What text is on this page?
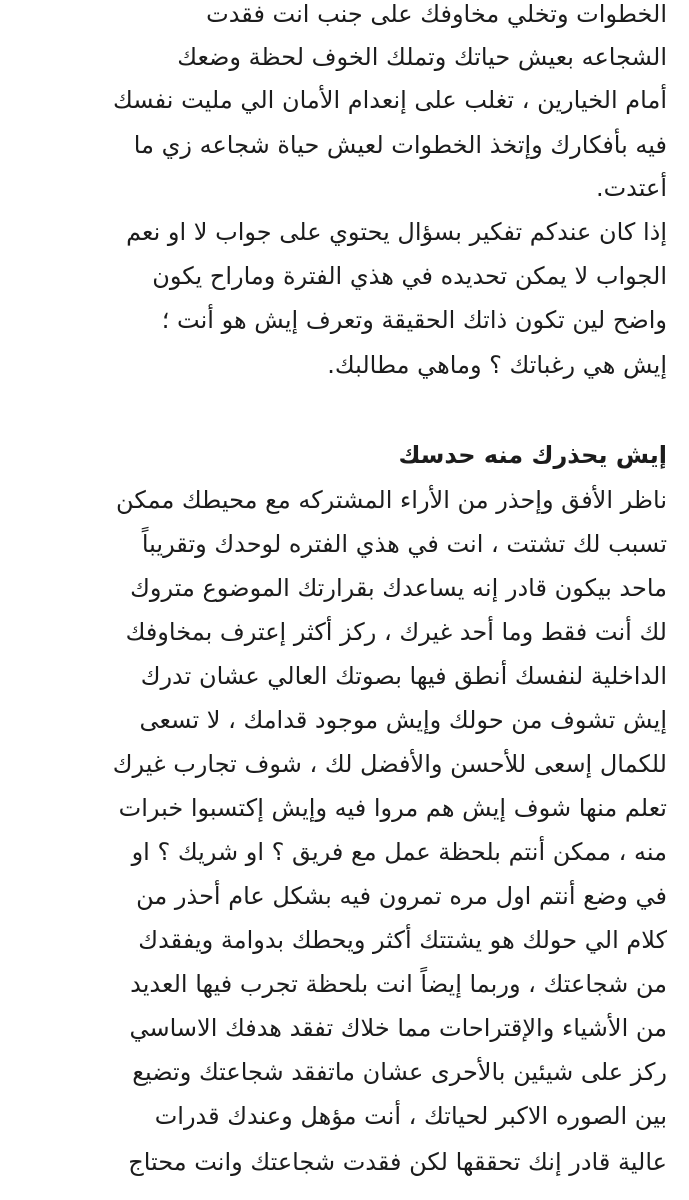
الخطوات وتخلي مخاوفك على جنب انت فقدت
الشجاعه بعيش حياتك وتملك الخوف لحظة وضعك
أمام الخيارين ، تغلب على إنعدام الأمان الي مليت نفسك
فيه بأفكارك وإتخذ الخطوات لعيش حياة شجاعه زي ما
أعتدت.
إذا كان عندكم تفكير بسؤال يحتوي على جواب لا او نعم
الجواب لا يمكن تحديده في هذي الفترة وماراح يكون
واضح لين تكون ذاتك الحقيقة وتعرف إيش هو أنت ؛
إيش هي رغباتك ؟ وماهي مطالبك.
إيش يحذرك منه حدسك
ناظر الأفق وإحذر من الأراء المشتركه مع محيطك ممكن
تسبب لك تشتت ، انت في هذي الفتره لوحدك وتقريباً
ماحد بيكون قادر إنه يساعدك بقرارتك الموضوع متروك
لك أنت فقط وما أحد غيرك ، ركز أكثر إعترف بمخاوفك
الداخلية لنفسك أنطق فيها بصوتك العالي عشان تدرك
إيش تشوف من حولك وإيش موجود قدامك ، لا تسعى
للكمال إسعى للأحسن والأفضل لك ، شوف تجارب غيرك
تعلم منها شوف إيش هم مروا فيه وإيش إكتسبوا خبرات
منه ، ممكن أنتم بلحظة عمل مع فريق ؟ او شريك ؟ او
في وضع أنتم اول مره تمرون فيه بشكل عام أحذر من
كلام الي حولك هو يشتتك أكثر ويحطك بدوامة ويفقدك
من شجاعتك ، وربما إيضاً انت بلحظة تجرب فيها العديد
من الأشياء والإقتراحات مما خلاك تفقد هدفك الاساسي
ركز على شيئين بالأحرى عشان ماتفقد شجاعتك وتضيع
بين الصوره الاكبر لحياتك ، أنت مؤهل وعندك قدرات
عالية قادر إنك تحققها لكن فقدت شجاعتك وانت محتاج
